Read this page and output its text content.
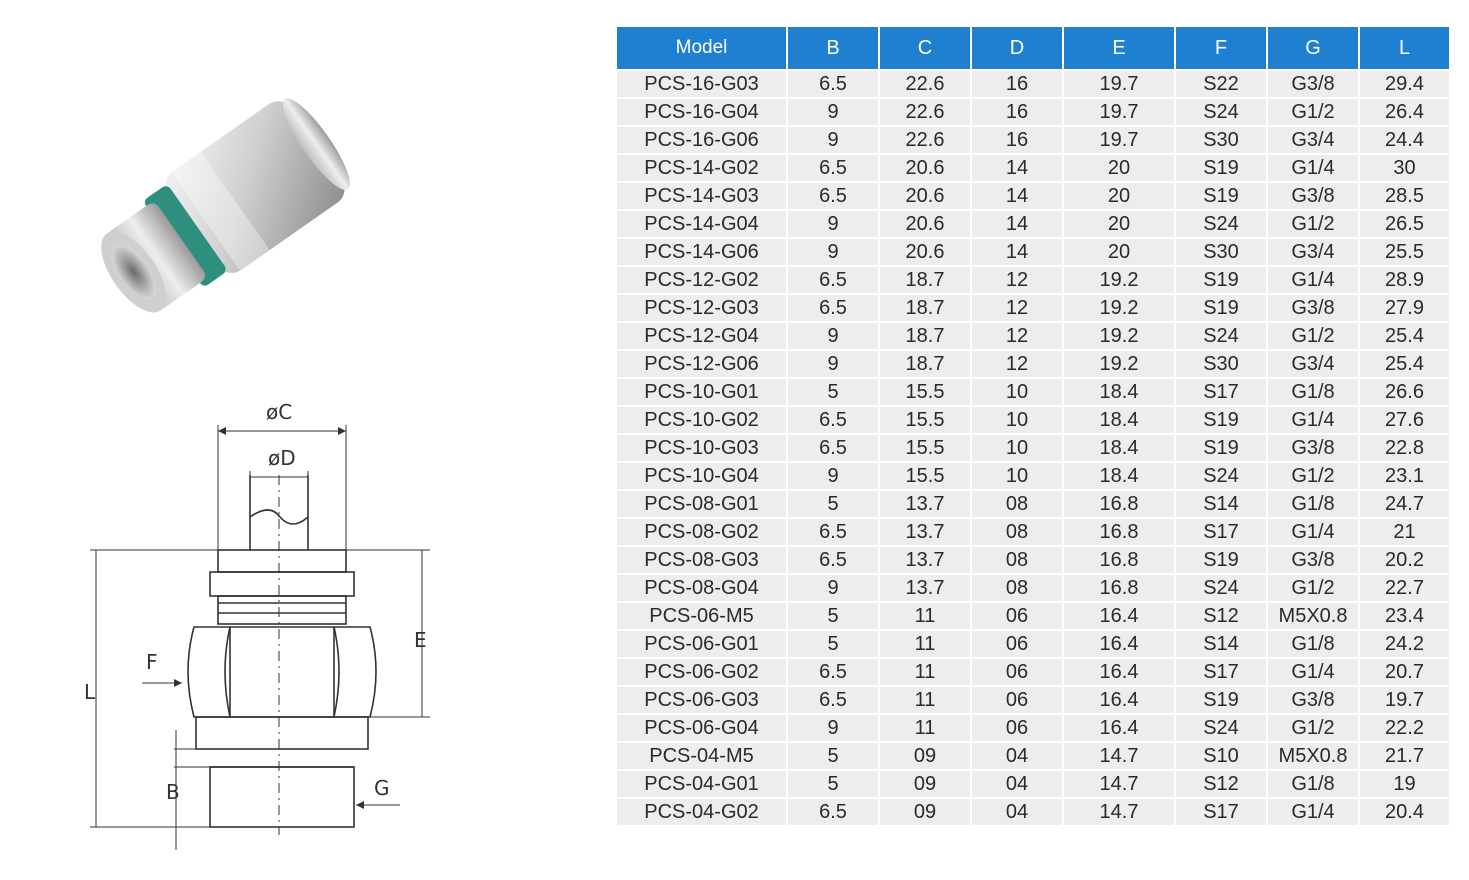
øC
øD
E
F
L
B	G
Model	B	C	D	E	F	G	L
PCS-16-G03	6.5	22.6	16	19.7	S22	G3/8	29.4
PCS-16-G04	9	22.6	16	19.7	S24	G1/2	26.4
PCS-16-G06	9	22.6	16	19.7	S30	G3/4	24.4
PCS-14-G02	6.5	20.6	14	20	S19	G1/4	30
PCS-14-G03	6.5	20.6	14	20	S19	G3/8	28.5
PCS-14-G04	9	20.6	14	20	S24	G1/2	26.5
PCS-14-G06	9	20.6	14	20	S30	G3/4	25.5
PCS-12-G02	6.5	18.7	12	19.2	S19	G1/4	28.9
PCS-12-G03	6.5	18.7	12	19.2	S19	G3/8	27.9
PCS-12-G04	9	18.7	12	19.2	S24	G1/2	25.4
PCS-12-G06	9	18.7	12	19.2	S30	G3/4	25.4
PCS-10-G01	5	15.5	10	18.4	S17	G1/8	26.6
PCS-10-G02	6.5	15.5	10	18.4	S19	G1/4	27.6
PCS-10-G03	6.5	15.5	10	18.4	S19	G3/8	22.8
PCS-10-G04	9	15.5	10	18.4	S24	G1/2	23.1
PCS-08-G01	5	13.7	08	16.8	S14	G1/8	24.7
PCS-08-G02	6.5	13.7	08	16.8	S17	G1/4	21
PCS-08-G03	6.5	13.7	08	16.8	S19	G3/8	20.2
PCS-08-G04	9	13.7	08	16.8	S24	G1/2	22.7
PCS-06-M5	5	11	06	16.4	S12	M5X0.8	23.4
PCS-06-G01	5	11	06	16.4	S14	G1/8	24.2
PCS-06-G02	6.5	11	06	16.4	S17	G1/4	20.7
PCS-06-G03	6.5	11	06	16.4	S19	G3/8	19.7
PCS-06-G04	9	11	06	16.4	S24	G1/2	22.2
PCS-04-M5	5	09	04	14.7	S10	M5X0.8	21.7
PCS-04-G01	5	09	04	14.7	S12	G1/8	19
PCS-04-G02	6.5	09	04	14.7	S17	G1/4	20.4
